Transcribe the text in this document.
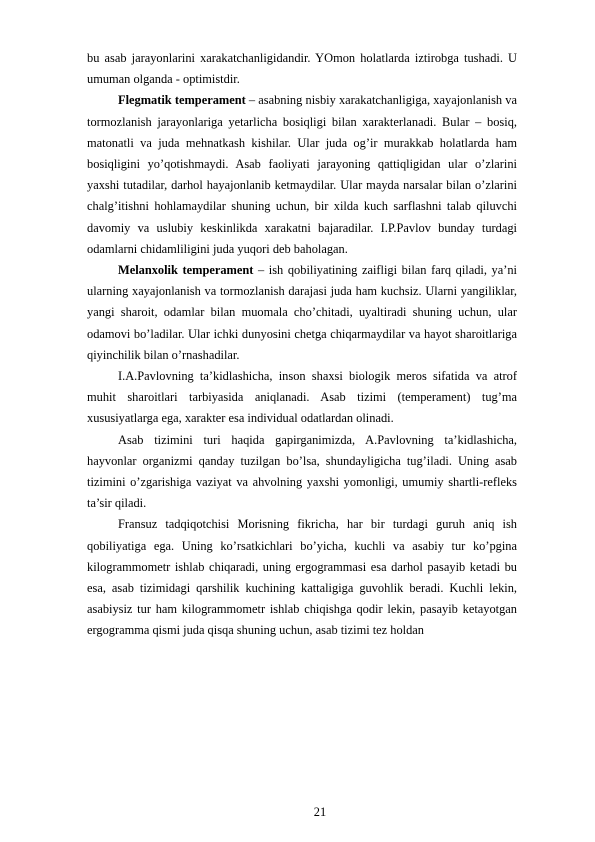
bu asab jarayonlarini xarakatchanligidandir. YOmon holatlarda iztirobga tushadi. U umuman olganda - optimistdir.

Flegmatik temperament – asabning nisbiy xarakatchanligiga, xayajonlanish va tormozlanish jarayonlariga yetarlicha bosiqligi bilan xarakterlanadi. Bular – bosiq, matonatli va juda mehnatkash kishilar. Ular juda og’ir murakkab holatlarda ham bosiqligini yo’qotishmaydi. Asab faoliyati jarayoning qattiqligidan ular o’zlarini yaxshi tutadilar, darhol hayajonlanib ketmaydilar. Ular mayda narsalar bilan o’zlarini chalg’itishni hohlamaydilar shuning uchun, bir xilda kuch sarflashni talab qiluvchi davomiy va uslubiy keskinlikda xarakatni bajaradilar. I.P.Pavlov bunday turdagi odamlarni chidamliligini juda yuqori deb baholagan.

Melanxolik temperament – ish qobiliyatining zaifligi bilan farq qiladi, ya’ni ularning xayajonlanish va tormozlanish darajasi juda ham kuchsiz. Ularni yangiliklar, yangi sharoit, odamlar bilan muomala cho’chitadi, uyaltiradi shuning uchun, ular odamovi bo’ladilar. Ular ichki dunyosini chetga chiqarmaydilar va hayot sharoitlariga qiyinchilik bilan o’rnashadilar.

I.A.Pavlovning ta’kidlashicha, inson shaxsi biologik meros sifatida va atrof muhit sharoitlari tarbiyasida aniqlanadi. Asab tizimi (temperament) tug’ma xususiyatlarga ega, xarakter esa individual odatlardan olinadi.

Asab tizimini turi haqida gapirganimizda, A.Pavlovning ta’kidlashicha, hayvonlar organizmi qanday tuzilgan bo’lsa, shundayligicha tug’iladi. Uning asab tizimini o’zgarishiga vaziyat va ahvolning yaxshi yomonligi, umumiy shartli-refleks ta’sir qiladi.

Fransuz tadqiqotchisi Morisning fikricha, har bir turdagi guruh aniq ish qobiliyatiga ega. Uning ko’rsatkichlari bo’yicha, kuchli va asabiy tur ko’pgina kilogrammometr ishlab chiqaradi, uning ergogrammasi esa darhol pasayib ketadi bu esa, asab tizimidagi qarshilik kuchining kattaligiga guvohlik beradi. Kuchli lekin, asabiysiz tur ham kilogrammometr ishlab chiqishga qodir lekin, pasayib ketayotgan ergogramma qismi juda qisqa shuning uchun, asab tizimi tez holdan

21
